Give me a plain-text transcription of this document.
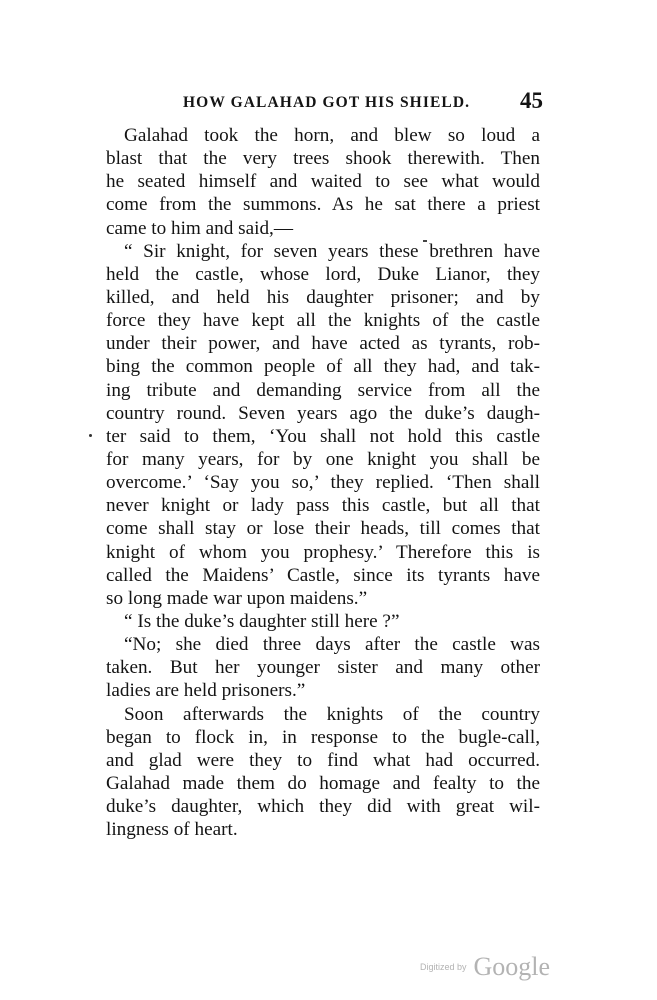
HOW GALAHAD GOT HIS SHIELD. 45
Galahad took the horn, and blew so loud a
blast that the very trees shook therewith. Then
he seated himself and waited to see what would
come from the summons. As he sat there a priest
came to him and said,—
“ Sir knight, for seven years these brethren have
held the castle, whose lord, Duke Lianor, they
killed, and held his daughter prisoner; and by
force they have kept all the knights of the castle
under their power, and have acted as tyrants, rob-
bing the common people of all they had, and tak-
ing tribute and demanding service from all the
country round. Seven years ago the duke’s daugh-
ter said to them, ‘You shall not hold this castle
for many years, for by one knight you shall be
overcome.’ ‘Say you so,’ they replied. ‘Then shall
never knight or lady pass this castle, but all that
come shall stay or lose their heads, till comes that
knight of whom you prophesy.’ Therefore this is
called the Maidens’ Castle, since its tyrants have
so long made war upon maidens.”
“ Is the duke’s daughter still here ?”
“No; she died three days after the castle was
taken. But her younger sister and many other
ladies are held prisoners.”
Soon afterwards the knights of the country
began to flock in, in response to the bugle-call,
and glad were they to find what had occurred.
Galahad made them do homage and fealty to the
duke’s daughter, which they did with great wil-
lingness of heart.
Digitized by Google
